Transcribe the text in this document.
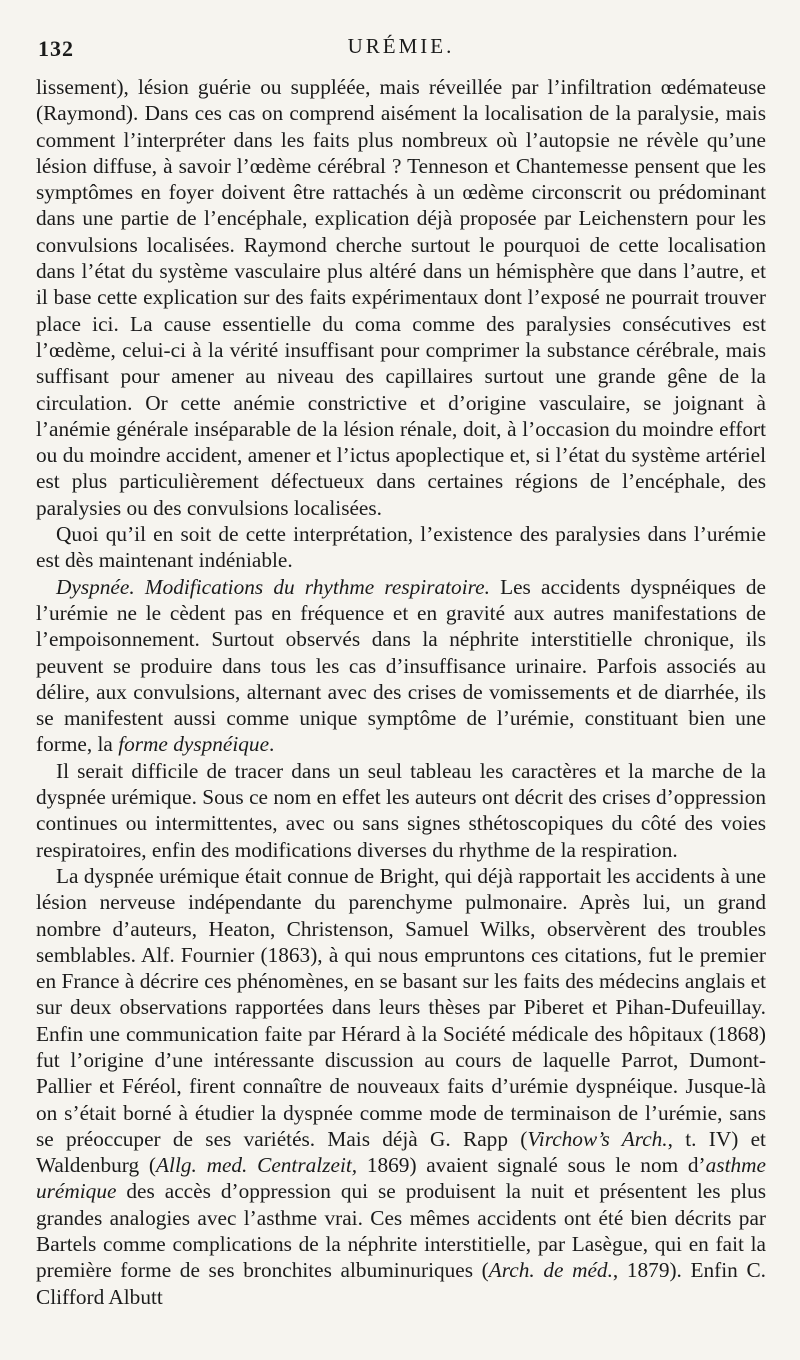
132	URÉMIE.

lissement), lésion guérie ou suppléée, mais réveillée par l’infiltration œdémateuse (Raymond). Dans ces cas on comprend aisément la localisation de la paralysie, mais comment l’interpréter dans les faits plus nombreux où l’autopsie ne révèle qu’une lésion diffuse, à savoir l’œdème cérébral ? Tenneson et Chantemesse pensent que les symptômes en foyer doivent être rattachés à un œdème circonscrit ou prédominant dans une partie de l’encéphale, explication déjà proposée par Leichenstern pour les convulsions localisées. Raymond cherche surtout le pourquoi de cette localisation dans l’état du système vasculaire plus altéré dans un hémisphère que dans l’autre, et il base cette explication sur des faits expérimentaux dont l’exposé ne pourrait trouver place ici. La cause essentielle du coma comme des paralysies consécutives est l’œdème, celui-ci à la vérité insuffisant pour comprimer la substance cérébrale, mais suffisant pour amener au niveau des capillaires surtout une grande gêne de la circulation. Or cette anémie constrictive et d’origine vasculaire, se joignant à l’anémie générale inséparable de la lésion rénale, doit, à l’occasion du moindre effort ou du moindre accident, amener et l’ictus apoplectique et, si l’état du système artériel est plus particulièrement défectueux dans certaines régions de l’encéphale, des paralysies ou des convulsions localisées.

Quoi qu’il en soit de cette interprétation, l’existence des paralysies dans l’urémie est dès maintenant indéniable.

Dyspnée. Modifications du rhythme respiratoire. Les accidents dyspnéiques de l’urémie ne le cèdent pas en fréquence et en gravité aux autres manifestations de l’empoisonnement. Surtout observés dans la néphrite interstitielle chronique, ils peuvent se produire dans tous les cas d’insuffisance urinaire. Parfois associés au délire, aux convulsions, alternant avec des crises de vomissements et de diarrhée, ils se manifestent aussi comme unique symptôme de l’urémie, constituant bien une forme, la forme dyspnéique.

Il serait difficile de tracer dans un seul tableau les caractères et la marche de la dyspnée urémique. Sous ce nom en effet les auteurs ont décrit des crises d’oppression continues ou intermittentes, avec ou sans signes sthétoscopiques du côté des voies respiratoires, enfin des modifications diverses du rhythme de la respiration.

La dyspnée urémique était connue de Bright, qui déjà rapportait les accidents à une lésion nerveuse indépendante du parenchyme pulmonaire. Après lui, un grand nombre d’auteurs, Heaton, Christenson, Samuel Wilks, observèrent des troubles semblables. Alf. Fournier (1863), à qui nous empruntons ces citations, fut le premier en France à décrire ces phénomènes, en se basant sur les faits des médecins anglais et sur deux observations rapportées dans leurs thèses par Piberet et Pihan-Dufeuillay. Enfin une communication faite par Hérard à la Société médicale des hôpitaux (1868) fut l’origine d’une intéressante discussion au cours de laquelle Parrot, Dumont-Pallier et Féréol, firent connaître de nouveaux faits d’urémie dyspnéique. Jusque-là on s’était borné à étudier la dyspnée comme mode de terminaison de l’urémie, sans se préoccuper de ses variétés. Mais déjà G. Rapp (Virchow’s Arch., t. IV) et Waldenburg (Allg. med. Centralzeit, 1869) avaient signalé sous le nom d’asthme urémique des accès d’oppression qui se produisent la nuit et présentent les plus grandes analogies avec l’asthme vrai. Ces mêmes accidents ont été bien décrits par Bartels comme complications de la néphrite interstitielle, par Lasègue, qui en fait la première forme de ses bronchites albuminuriques (Arch. de méd., 1879). Enfin C. Clifford Albutt
